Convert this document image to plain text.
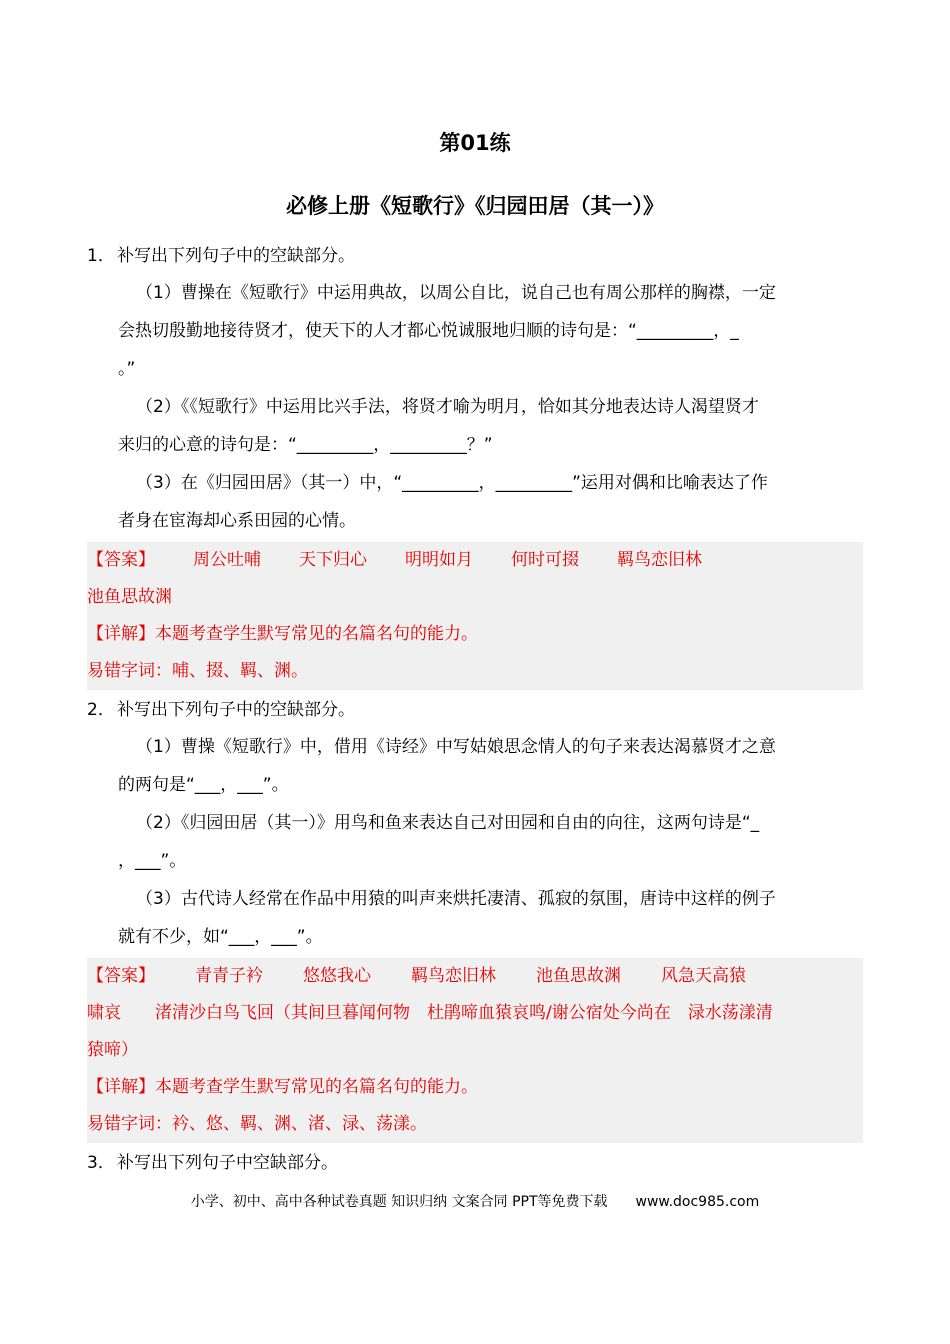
第01练
必修上册《短歌行》《归园田居（其一）》
1． 补写出下列句子中的空缺部分。
（1）曹操在《短歌行》中运用典故，以周公自比，说自己也有周公那样的胸襟，一定
会热切殷勤地接待贤才，使天下的人才都心悦诚服地归顺的诗句是：“_________，_
。”
（2）《《短歌行》中运用比兴手法，将贤才喻为明月，恰如其分地表达诗人渴望贤才
来归的心意的诗句是：“_________，_________？”
（3）在《归园田居》（其一）中，“_________，_________”运用对偶和比喻表达了作
者身在宦海却心系田园的心情。
【答案】 周公吐哺 天下归心 明明如月 何时可掇 羁鸟恋旧林
池鱼思故渊
【详解】本题考查学生默写常见的名篇名句的能力。
易错字词：哺、掇、羁、渊。
2． 补写出下列句子中的空缺部分。
（1）曹操《短歌行》中，借用《诗经》中写姑娘思念情人的句子来表达渴慕贤才之意
的两句是“___，___”。
（2）《归园田居（其一）》用鸟和鱼来表达自己对田园和自由的向往，这两句诗是“_
，___”。
（3）古代诗人经常在作品中用猿的叫声来烘托凄清、孤寂的氛围，唐诗中这样的例子
就有不少，如“___，___”。
【答案】 青青子衿 悠悠我心 羁鸟恋旧林 池鱼思故渊 风急天高猿
啸哀　　渚清沙白鸟飞回（其间旦暮闻何物　杜鹃啼血猿哀鸣/谢公宿处今尚在　渌水荡漾清
猿啼）
【详解】本题考查学生默写常见的名篇名句的能力。
易错字词：衿、悠、羁、渊、渚、渌、荡漾。
3． 补写出下列句子中空缺部分。
小学、初中、高中各种试卷真题 知识归纳 文案合同 PPT等免费下载 www.doc985.com
